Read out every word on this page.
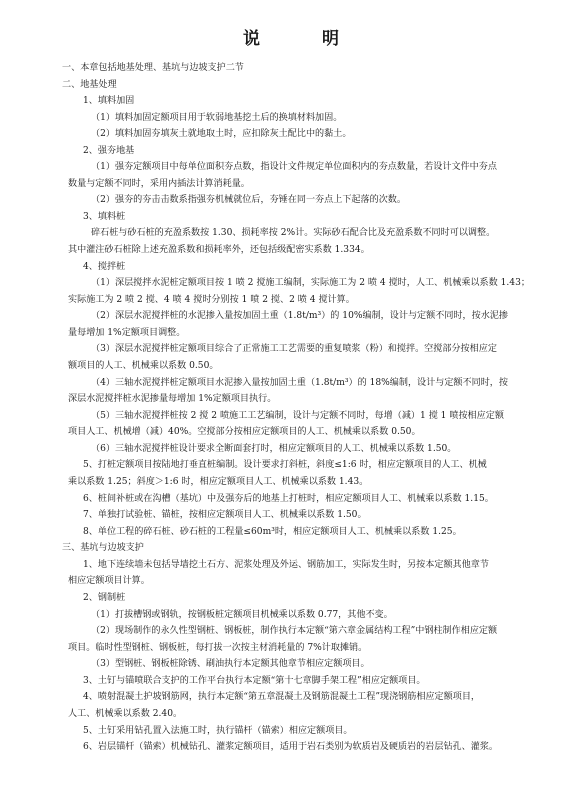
说 明
一、本章包括地基处理、基坑与边坡支护二节
二、地基处理
1、填料加固
（1）填料加固定额项目用于软弱地基挖土后的换填材料加固。
（2）填料加固夯填灰土就地取土时，应扣除灰土配比中的黏土。
2、强夯地基
（1）强夯定额项目中每单位面积夯点数，指设计文件规定单位面积内的夯点数量，若设计文件中夯点
数量与定额不同时，采用内插法计算消耗量。
（2）强夯的夯击击数系指强夯机械就位后，夯锤在同一夯点上下起落的次数。
3、填料桩
碎石桩与砂石桩的充盈系数按 1.30、损耗率按 2%计。实际砂石配合比及充盈系数不同时可以调整。
其中灌注砂石桩除上述充盈系数和损耗率外，还包括级配密实系数 1.334。
4、搅拌桩
（1）深层搅拌水泥桩定额项目按 1 喷 2 搅施工编制，实际施工为 2 喷 4 搅时，人工、机械乘以系数 1.43；
实际施工为 2 喷 2 搅、4 喷 4 搅时分别按 1 喷 2 搅、2 喷 4 搅计算。
（2）深层水泥搅拌桩的水泥掺入量按加固土重（1.8t/m³）的 10%编制，设计与定额不同时，按水泥掺
量每增加 1%定额项目调整。
（3）深层水泥搅拌桩定额项目综合了正常施工工艺需要的重复喷浆（粉）和搅拌。空搅部分按相应定
额项目的人工、机械乘以系数 0.50。
（4）三轴水泥搅拌桩定额项目水泥掺入量按加固土重（1.8t/m³）的 18%编制，设计与定额不同时，按
深层水泥搅拌桩水泥掺量每增加 1%定额项目执行。
（5）三轴水泥搅拌桩按 2 搅 2 喷施工工艺编制，设计与定额不同时，每增（减）1 搅 1 喷按相应定额
项目人工、机械增（减）40%。空搅部分按相应定额项目的人工、机械乘以系数 0.50。
（6）三轴水泥搅拌桩设计要求全断面套打时，相应定额项目的人工、机械乘以系数 1.50。
5、打桩定额项目按陆地打垂直桩编制。设计要求打斜桩，斜度≤1:6 时，相应定额项目的人工、机械
乘以系数 1.25；斜度＞1:6 时，相应定额项目人工、机械乘以系数 1.43。
6、桩间补桩或在沟槽（基坑）中及强夯后的地基上打桩时，相应定额项目人工、机械乘以系数 1.15。
7、单独打试验桩、锚桩，按相应定额项目人工、机械乘以系数 1.50。
8、单位工程的碎石桩、砂石桩的工程量≤60m³时，相应定额项目人工、机械乘以系数 1.25。
三、基坑与边坡支护
1、地下连续墙未包括导墙挖土石方、泥浆处理及外运、钢筋加工，实际发生时，另按本定额其他章节
相应定额项目计算。
2、钢制桩
（1）打拔槽钢或钢轨，按钢板桩定额项目机械乘以系数 0.77，其他不变。
（2）现场制作的永久性型钢桩、钢板桩，制作执行本定额“第六章金属结构工程”中钢柱制作相应定额
项目。临时性型钢桩、钢板桩，每打拔一次按主材消耗量的 7%计取摊销。
（3）型钢桩、钢板桩除锈、刷油执行本定额其他章节相应定额项目。
3、土钉与锚喷联合支护的工作平台执行本定额“第十七章脚手架工程”相应定额项目。
4、喷射混凝土护坡钢筋网，执行本定额“第五章混凝土及钢筋混凝土工程”现浇钢筋相应定额项目，
人工、机械乘以系数 2.40。
5、土钉采用钻孔置入法施工时，执行锚杆（锚索）相应定额项目。
6、岩层锚杆（锚索）机械钻孔、灌浆定额项目，适用于岩石类别为软质岩及硬质岩的岩层钻孔、灌浆。
